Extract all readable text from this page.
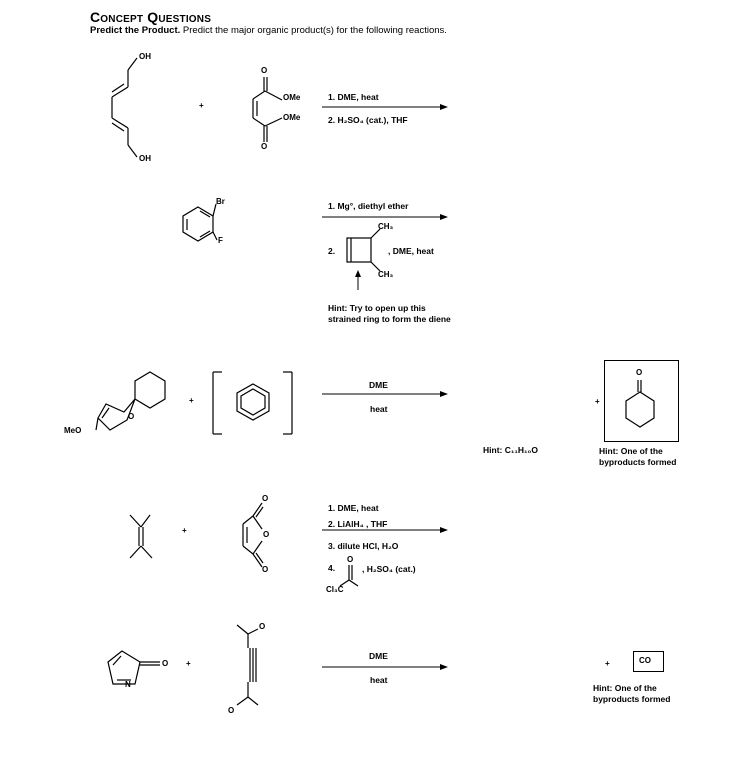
Concept Questions
Predict the Product. Predict the major organic product(s) for the following reactions.
OH
OH
+
O
O
OMe
OMe
1. DME, heat
2. H₂SO₄ (cat.), THF
Br
F
1. Mg°, diethyl ether
2.
CH₃
CH₃
, DME, heat
Hint: Try to open up this
strained ring to form the diene
O
MeO
+
DME
heat
Hint: C₁₁H₁₀O
+
O
Hint: One of the
byproducts formed
+
O
O
O
1. DME, heat
2. LiAlH₄ , THF
3. dilute HCl, H₂O
4.
O
, H₂SO₄ (cat.)
Cl₃C
N
O +
O
O
DME
heat
+	CO
Hint: One of the
byproducts formed
